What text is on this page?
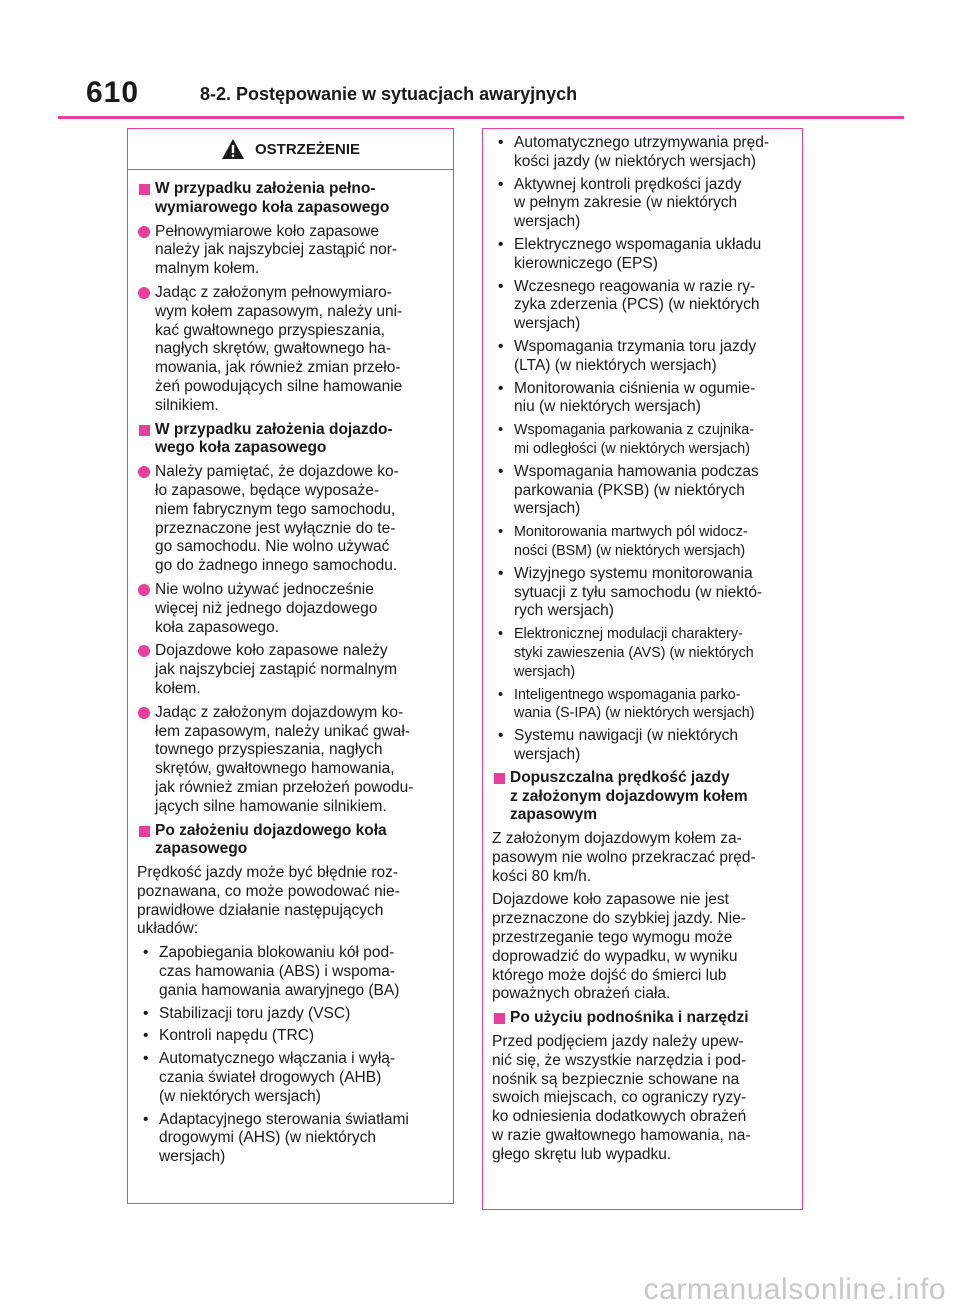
610	8-2. Postępowanie w sytuacjach awaryjnych
OSTRZEŻENIE
W przypadku założenia pełno-
wymiarowego koła zapasowego
Pełnowymiarowe koło zapasowe
należy jak najszybciej zastąpić nor-
malnym kołem.
Jadąc z założonym pełnowymiaro-
wym kołem zapasowym, należy uni-
kać gwałtownego przyspieszania,
nagłych skrętów, gwałtownego ha-
mowania, jak również zmian przeło-
żeń powodujących silne hamowanie
silnikiem.
W przypadku założenia dojazdo-
wego koła zapasowego
Należy pamiętać, że dojazdowe ko-
ło zapasowe, będące wyposaże-
niem fabrycznym tego samochodu,
przeznaczone jest wyłącznie do te-
go samochodu. Nie wolno używać
go do żadnego innego samochodu.
Nie wolno używać jednocześnie
więcej niż jednego dojazdowego
koła zapasowego.
Dojazdowe koło zapasowe należy
jak najszybciej zastąpić normalnym
kołem.
Jadąc z założonym dojazdowym ko-
łem zapasowym, należy unikać gwał-
townego przyspieszania, nagłych
skrętów, gwałtownego hamowania,
jak również zmian przełożeń powodu-
jących silne hamowanie silnikiem.
Po założeniu dojazdowego koła
zapasowego
Prędkość jazdy może być błędnie roz-
poznawana, co może powodować nie-
prawidłowe działanie następujących
układów:
• Zapobiegania blokowaniu kół pod-
czas hamowania (ABS) i wspoma-
gania hamowania awaryjnego (BA)
• Stabilizacji toru jazdy (VSC)
• Kontroli napędu (TRC)
• Automatycznego włączania i wyłą-
czania świateł drogowych (AHB)
(w niektórych wersjach)
• Adaptacyjnego sterowania światłami
drogowymi (AHS) (w niektórych
wersjach)
• Automatycznego utrzymywania pręd-
kości jazdy (w niektórych wersjach)
• Aktywnej kontroli prędkości jazdy
w pełnym zakresie (w niektórych
wersjach)
• Elektrycznego wspomagania układu
kierowniczego (EPS)
• Wczesnego reagowania w razie ry-
zyka zderzenia (PCS) (w niektórych
wersjach)
• Wspomagania trzymania toru jazdy
(LTA) (w niektórych wersjach)
• Monitorowania ciśnienia w ogumie-
niu (w niektórych wersjach)
• Wspomagania parkowania z czujnika-
mi odległości (w niektórych wersjach)
• Wspomagania hamowania podczas
parkowania (PKSB) (w niektórych
wersjach)
• Monitorowania martwych pól widocz-
ności (BSM) (w niektórych wersjach)
• Wizyjnego systemu monitorowania
sytuacji z tyłu samochodu (w niektó-
rych wersjach)
• Elektronicznej modulacji charaktery-
styki zawieszenia (AVS) (w niektórych
wersjach)
• Inteligentnego wspomagania parko-
wania (S-IPA) (w niektórych wersjach)
• Systemu nawigacji (w niektórych
wersjach)
Dopuszczalna prędkość jazdy
z założonym dojazdowym kołem
zapasowym
Z założonym dojazdowym kołem za-
pasowym nie wolno przekraczać pręd-
kości 80 km/h.
Dojazdowe koło zapasowe nie jest
przeznaczone do szybkiej jazdy. Nie-
przestrzeganie tego wymogu może
doprowadzić do wypadku, w wyniku
którego może dojść do śmierci lub
poważnych obrażeń ciała.
Po użyciu podnośnika i narzędzi
Przed podjęciem jazdy należy upew-
nić się, że wszystkie narzędzia i pod-
nośnik są bezpiecznie schowane na
swoich miejscach, co ograniczy ryzy-
ko odniesienia dodatkowych obrażeń
w razie gwałtownego hamowania, na-
głego skrętu lub wypadku.
carmanualsonline.info
